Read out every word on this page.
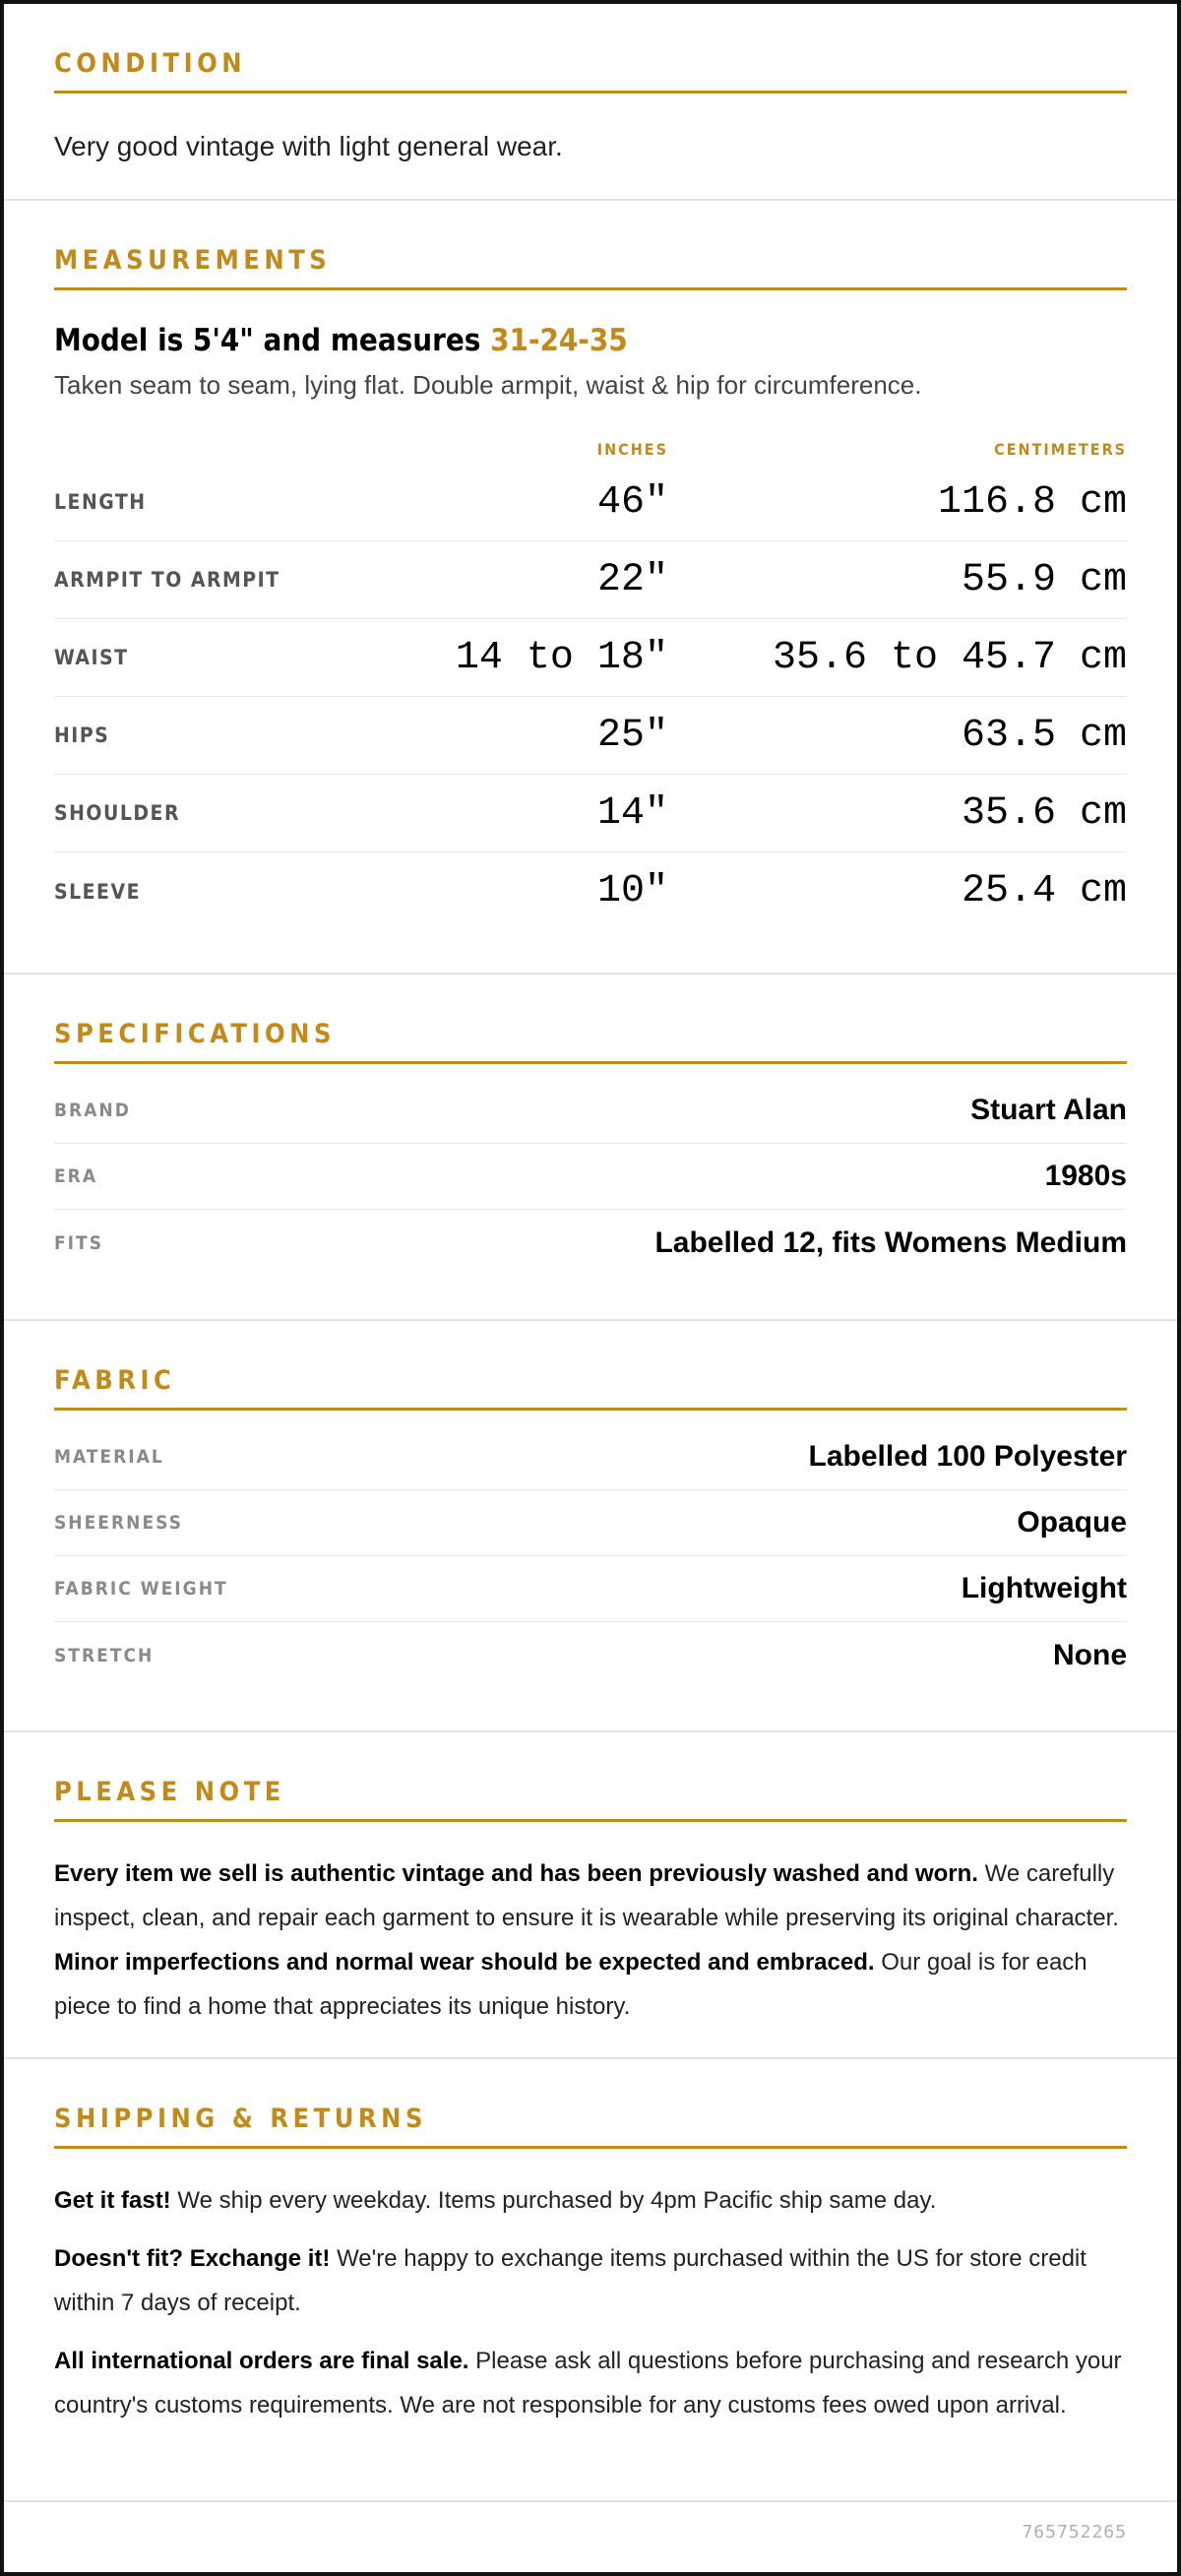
CONDITION

Very good vintage with light general wear.

MEASUREMENTS
Model is 5'4" and measures 31-24-35

Taken seam to seam, lying flat. Double armpit, waist & hip for circumference.

INCHES	CENTIMETERS
LENGTH	46"	116.8 cm
ARMPIT TO ARMPIT	22"	55.9 cm
WAIST	14 to 18"	35.6 to 45.7 cm
HIPS	25"	63.5 cm
SHOULDER	14"	35.6 cm
SLEEVE	10"	25.4 cm
SPECIFICATIONS
BRAND	Stuart Alan
ERA	1980s
FITS	Labelled 12, fits Womens Medium
FABRIC
MATERIAL	Labelled 100 Polyester
SHEERNESS	Opaque
FABRIC WEIGHT	Lightweight
STRETCH	None
PLEASE NOTE

Every item we sell is authentic vintage and has been previously washed and worn. We carefully inspect, clean, and repair each garment to ensure it is wearable while preserving its original character. Minor imperfections and normal wear should be expected and embraced. Our goal is for each piece to find a home that appreciates its unique history.

SHIPPING & RETURNS

Get it fast! We ship every weekday. Items purchased by 4pm Pacific ship same day.

Doesn't fit? Exchange it! We're happy to exchange items purchased within the US for store credit within 7 days of receipt.

All international orders are final sale. Please ask all questions before purchasing and research your country's customs requirements. We are not responsible for any customs fees owed upon arrival.

765752265
